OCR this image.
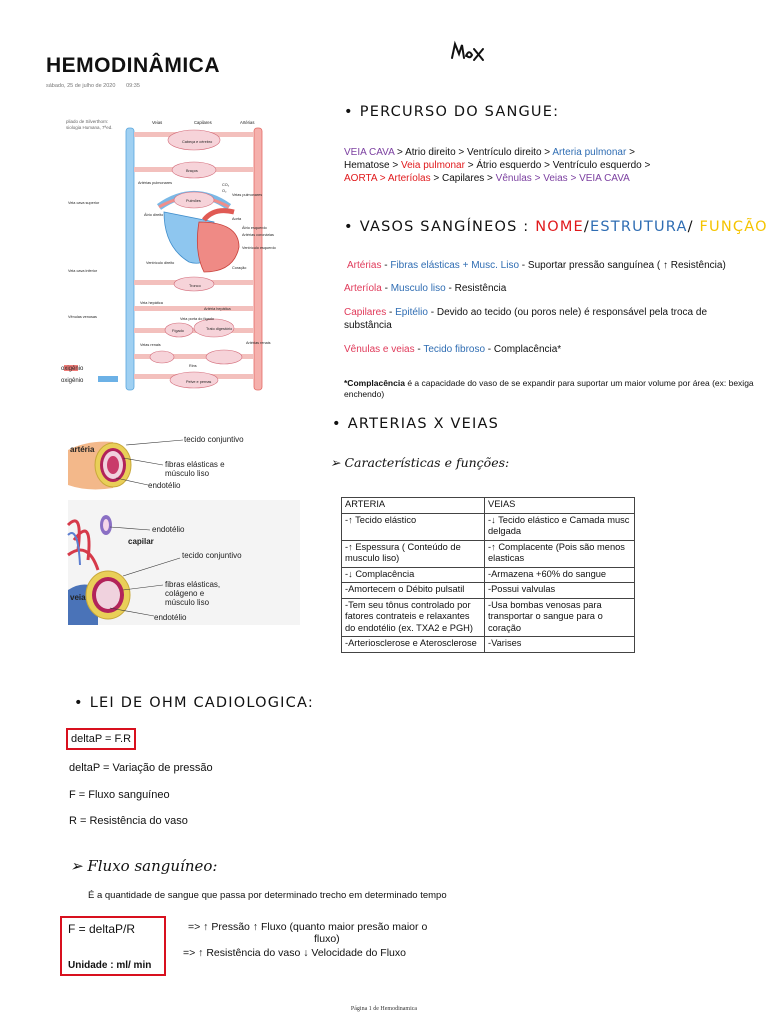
HEMODINÂMICA
sábado, 25 de julho de 2020 09:35
pliado de Silverthorn:
siologia Humana, 7ªed.
Veias	Capilares	Artérias
Cabeça e cérebro
Braços
CO₂
O₂
Veias pulmonares
Artérias pulmonares
Pulmões
Átrio direito
Veia cava superior
Aorta
Átrio esquerdo
Artérias coronárias
Ventrículo esquerdo
Ventrículo direito
Coração
Veia cava inferior
Tronco
Artéria hepática
Veia hepática
Vênulas venosas	Veia porta do fígado
Fígado	Trato digestório
Veias renais	Artérias renais
Rins
Pelve e pernas
oxigênio
oxigênio
artéria
tecido conjuntivo
fibras elásticas e músculo liso
endotélio
endotélio
capilar
tecido conjuntivo
fibras elásticas, colágeno e músculo liso
veia
endotélio
• PERCURSO DO SANGUE:
VEIA CAVA > Atrio direito > Ventrículo direito > Arteria pulmonar >
Hematose > Veia pulmonar > Átrio esquerdo > Ventrículo esquerdo >
AORTA > Arteríolas > Capilares > Vênulas > Veias > VEIA CAVA
• VASOS SANGÍNEOS : NOME/ESTRUTURA/ FUNÇÃO
Artérias - Fibras elásticas + Musc. Liso - Suportar pressão sanguínea ( ↑ Resistência)
Arteríola - Musculo liso - Resistência
Capilares - Epitélio - Devido ao tecido (ou poros nele) é responsável pela troca de substância
Vênulas e veias - Tecido fibroso - Complacência*
*Complacência é a capacidade do vaso de se expandir para suportar um maior volume por área (ex: bexiga enchendo)
• ARTERIAS X VEIAS
➢ Características e funções:
ARTERIA	VEIAS
-↑ Tecido elástico	-↓ Tecido elástico e Camada musc delgada
-↑ Espessura ( Conteúdo de musculo liso)	-↑ Complacente (Pois são menos elasticas
-↓ Complacência	-Armazena +60% do sangue
-Amortecem o Débito pulsatil	-Possui valvulas
-Tem seu tônus controlado por fatores contrateis e relaxantes do endotélio (ex. TXA2 e PGH)	-Usa bombas venosas para transportar o sangue para o coração
-Arteriosclerose e Aterosclerose	-Varises
• LEI DE OHM CADIOLOGICA:
deltaP = F.R
deltaP = Variação de pressão
F = Fluxo sanguíneo
R = Resistência do vaso
➢ Fluxo sanguíneo:
É a quantidade de sangue que passa por determinado trecho em determinado tempo
F = deltaP/R
Unidade : ml/ min
=> ↑ Pressão ↑ Fluxo (quanto maior presão maior o
fluxo)
=> ↑ Resistência do vaso ↓ Velocidade do Fluxo
Página 1 de Hemodinamica
